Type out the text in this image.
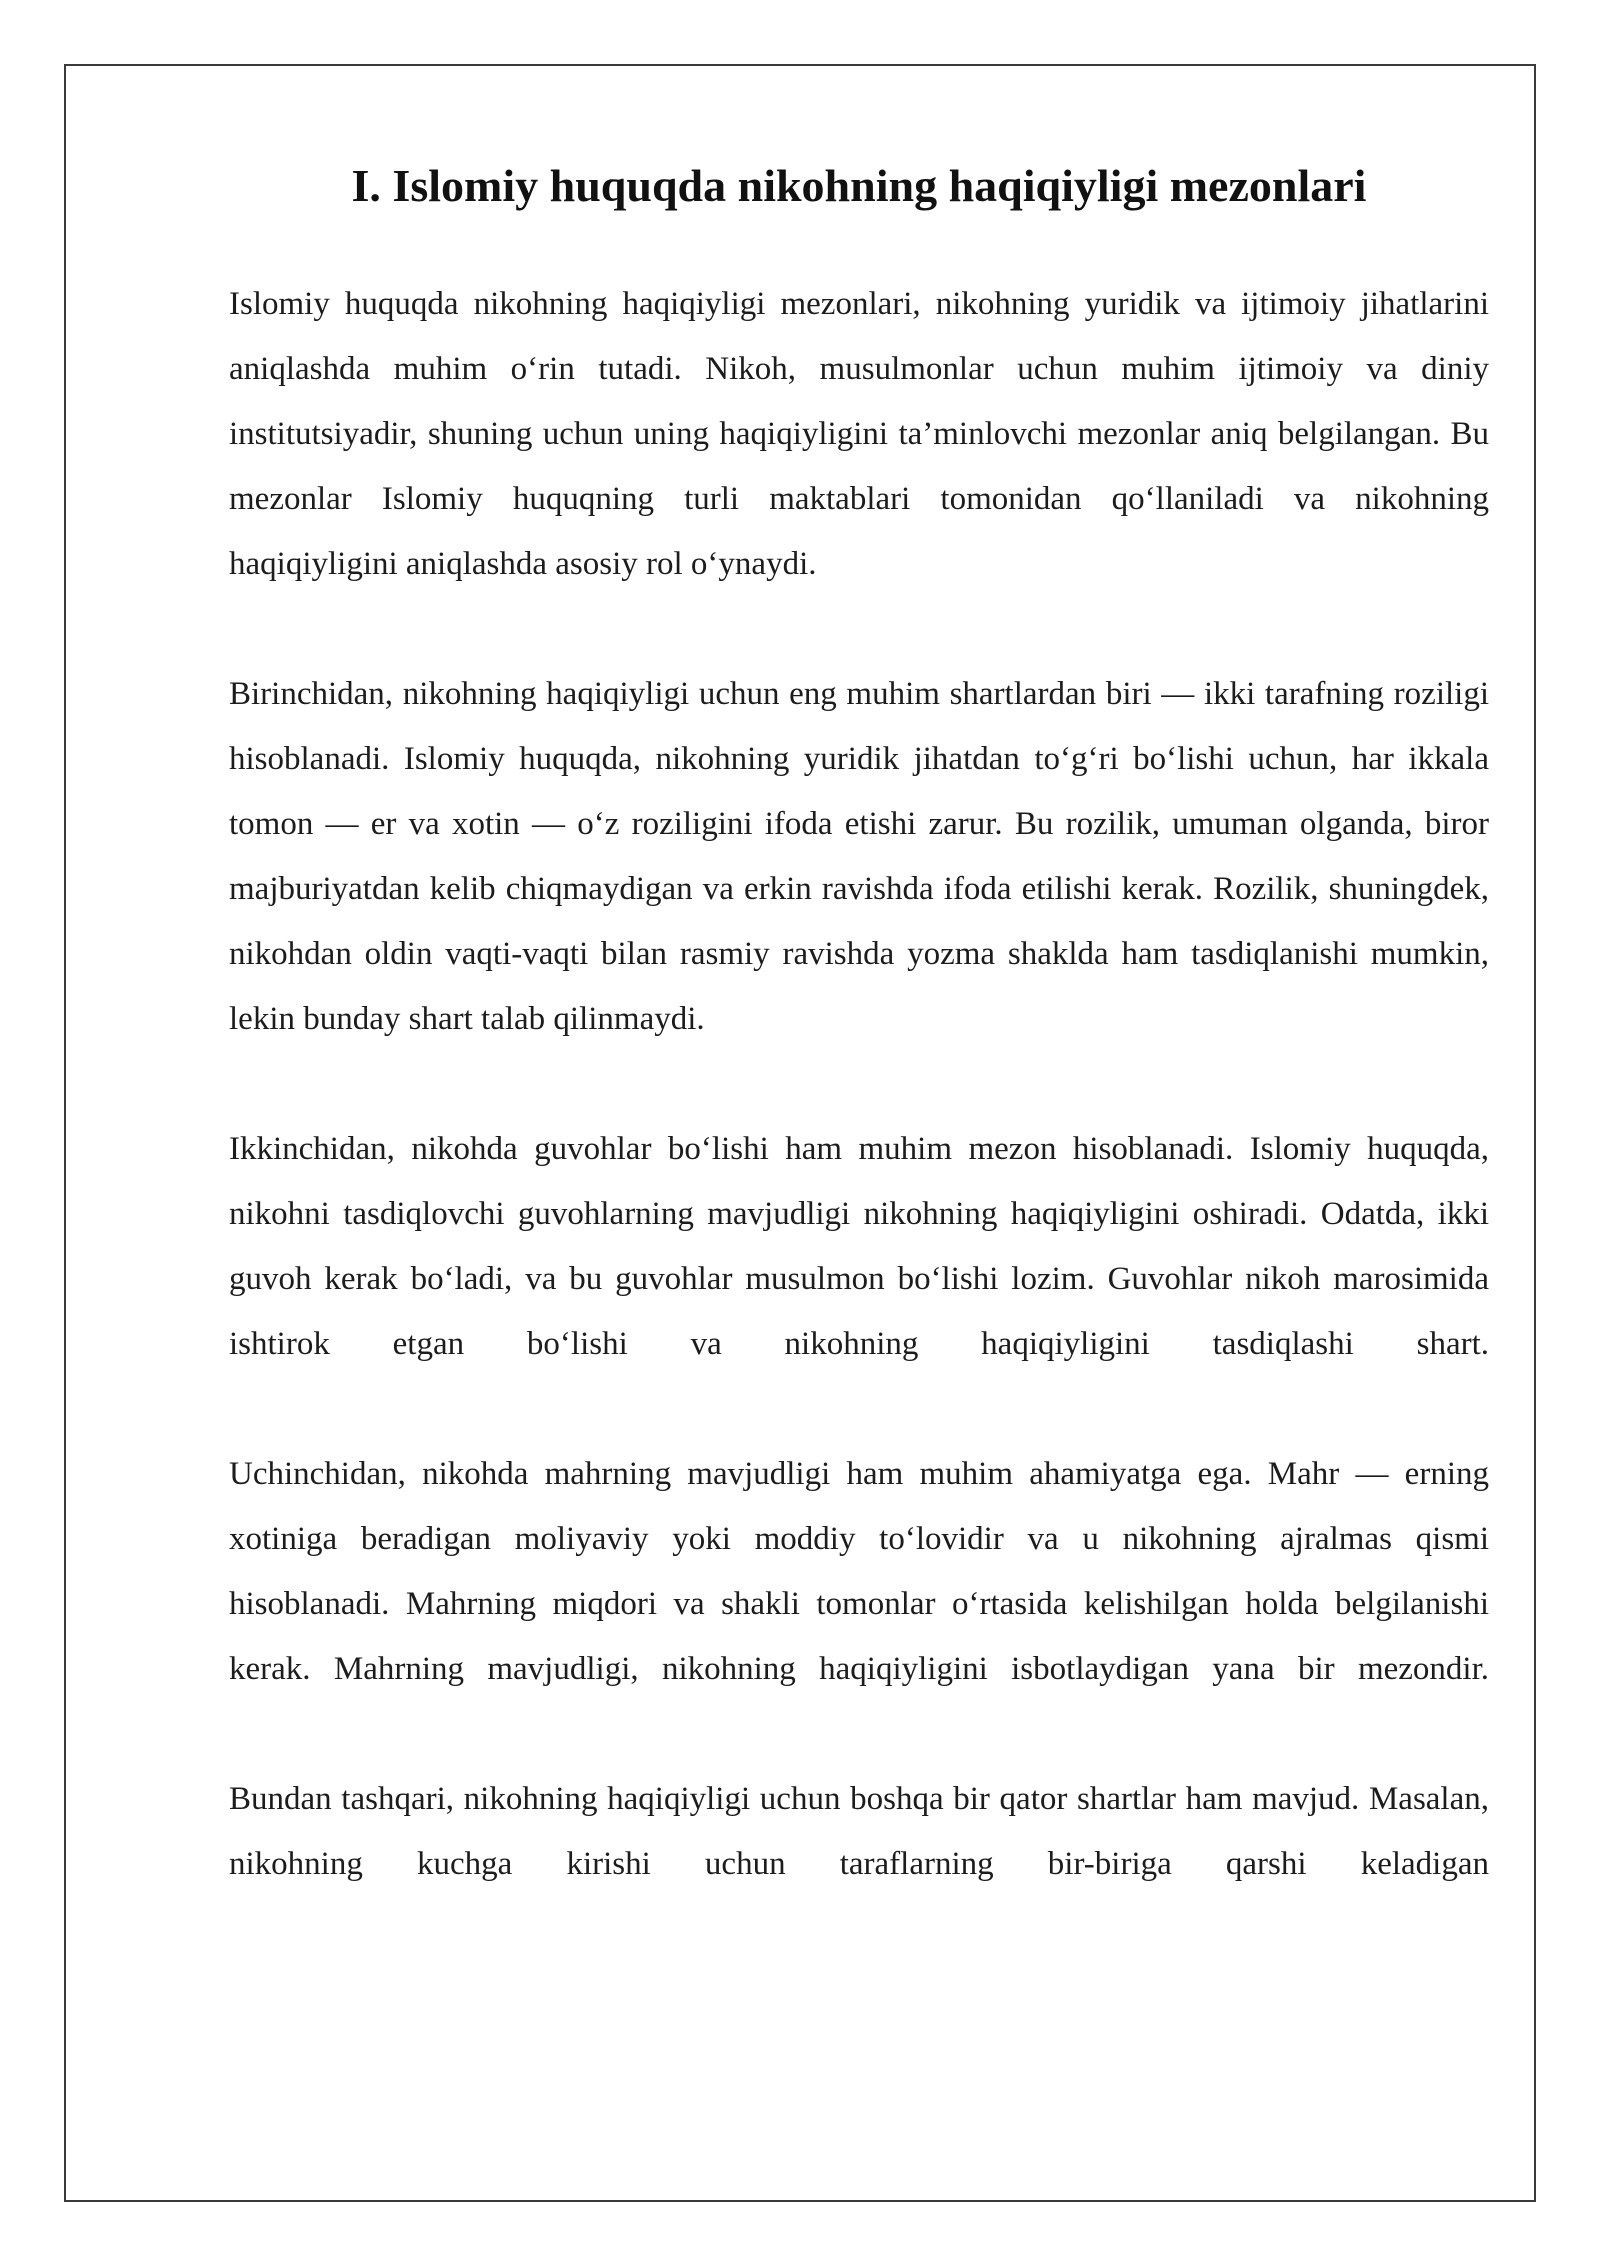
I. Islomiy huquqda nikohning haqiqiyligi mezonlari

Islomiy huquqda nikohning haqiqiyligi mezonlari, nikohning yuridik va ijtimoiy jihatlarini aniqlashda muhim o‘rin tutadi. Nikoh, musulmonlar uchun muhim ijtimoiy va diniy institutsiyadir, shuning uchun uning haqiqiyligini ta’minlovchi mezonlar aniq belgilangan. Bu mezonlar Islomiy huquqning turli maktablari tomonidan qo‘llaniladi va nikohning haqiqiyligini aniqlashda asosiy rol o‘ynaydi.

Birinchidan, nikohning haqiqiyligi uchun eng muhim shartlardan biri — ikki tarafning roziligi hisoblanadi. Islomiy huquqda, nikohning yuridik jihatdan to‘g‘ri bo‘lishi uchun, har ikkala tomon — er va xotin — o‘z roziligini ifoda etishi zarur. Bu rozilik, umuman olganda, biror majburiyatdan kelib chiqmaydigan va erkin ravishda ifoda etilishi kerak. Rozilik, shuningdek, nikohdan oldin vaqti-vaqti bilan rasmiy ravishda yozma shaklda ham tasdiqlanishi mumkin, lekin bunday shart talab qilinmaydi.

Ikkinchidan, nikohda guvohlar bo‘lishi ham muhim mezon hisoblanadi. Islomiy huquqda, nikohni tasdiqlovchi guvohlarning mavjudligi nikohning haqiqiyligini oshiradi. Odatda, ikki guvoh kerak bo‘ladi, va bu guvohlar musulmon bo‘lishi lozim. Guvohlar nikoh marosimida ishtirok etgan bo‘lishi va nikohning haqiqiyligini tasdiqlashi shart.

Uchinchidan, nikohda mahrning mavjudligi ham muhim ahamiyatga ega. Mahr — erning xotiniga beradigan moliyaviy yoki moddiy to‘lovidir va u nikohning ajralmas qismi hisoblanadi. Mahrning miqdori va shakli tomonlar o‘rtasida kelishilgan holda belgilanishi kerak. Mahrning mavjudligi, nikohning haqiqiyligini isbotlaydigan yana bir mezondir.

Bundan tashqari, nikohning haqiqiyligi uchun boshqa bir qator shartlar ham mavjud. Masalan, nikohning kuchga kirishi uchun taraflarning bir-biriga qarshi keladigan
